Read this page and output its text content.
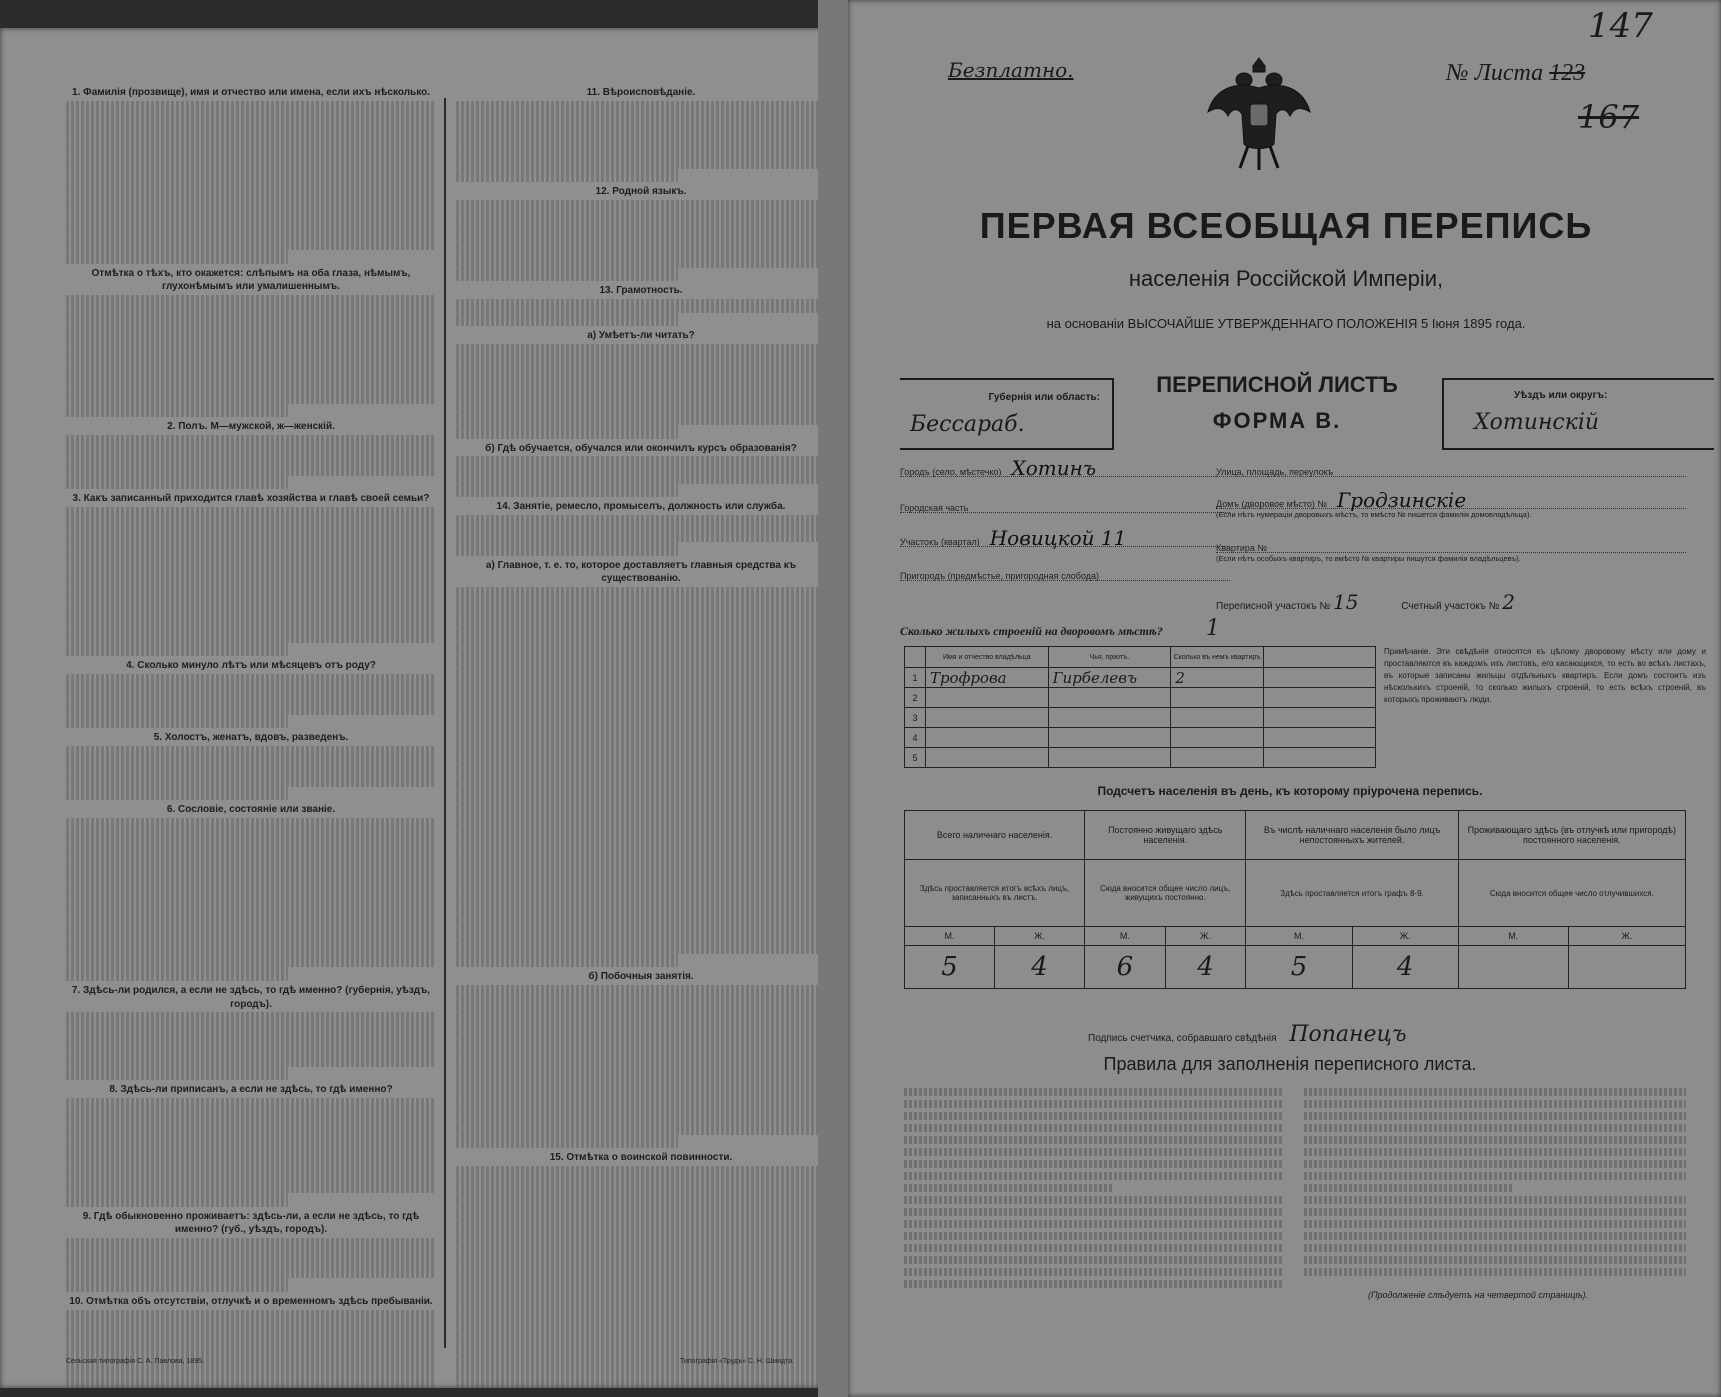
1. Фамилія (прозвище), имя и отчество или имена, если ихъ нѣсколько.
Отмѣтка о тѣхъ, кто окажется: слѣпымъ на оба глаза, нѣмымъ, глухонѣмымъ или умалишеннымъ.
2. Полъ. М—мужской, ж—женскій.
3. Какъ записанный приходится главѣ хозяйства и главѣ своей семьи?
4. Сколько минуло лѣтъ или мѣсяцевъ отъ роду?
5. Холостъ, женатъ, вдовъ, разведенъ.
6. Сословіе, состояніе или званіе.
7. Здѣсь-ли родился, а если не здѣсь, то гдѣ именно? (губернія, уѣздъ, городъ).
8. Здѣсь-ли приписанъ, а если не здѣсь, то гдѣ именно?
9. Гдѣ обыкновенно проживаетъ: здѣсь-ли, а если не здѣсь, то гдѣ именно? (губ., уѣздъ, городъ).
10. Отмѣтка объ отсутствіи, отлучкѣ и о временномъ здѣсь пребываніи.
11. Вѣроисповѣданіе.
12. Родной языкъ.
13. Грамотность.
а) Умѣетъ-ли читать?
б) Гдѣ обучается, обучался или окончилъ курсъ образованія?
14. Занятіе, ремесло, промыселъ, должность или служба.
а) Главное, т. е. то, которое доставляетъ главныя средства къ существованію.
б) Побочныя занятія.
15. Отмѣтка о воинской повинности.
Сельская типографія С. А. Павлова, 1895.	Типографія «Трудъ» С. Н. Шмидта.
Безплатно.	№ Листа 123
147
167
ПЕРВАЯ ВСЕОБЩАЯ ПЕРЕПИСЬ
населенія Россійской Имперіи,
на основаніи ВЫСОЧАЙШЕ УТВЕРЖДЕННАГО ПОЛОЖЕНІЯ 5 Іюня 1895 года.
Губернія или область:
Бессараб.
ПЕРЕПИСНОЙ ЛИСТЪ
ФОРМА В.
Уѣздъ или округъ:
Хотинскій
Городъ (село, мѣстечко) Хотинъ
Городская часть
Участокъ (квартал) Новицкой 11
Пригородъ (предмѣстье, пригородная слобода)
Улица, площадь, переулокъ
Домъ (дворовое мѣсто) № Гродзинскіе
(Если нѣтъ нумераціи дворовыхъ мѣстъ, то вмѣсто № пишется фамилія домовладѣльца).
Квартира №
(Если нѣтъ особыхъ квартиръ, то вмѣсто № квартиры пишутся фамилія владѣльцевъ).
Переписной участокъ № 15	Счетный участокъ № 2
Сколько жилыхъ строеній на дворовомъ мѣстѣ? 1
	Имя и отчество владѣльца	Чья, пріютъ.	Сколько въ немъ квартиръ	
1	Трофрова	Гирбелевъ	2	
2				
3				
4				
5				
Примѣчаніе. Эти свѣдѣнія относятся къ цѣлому дворовому мѣсту или дому и проставляются въ каждомъ изъ листовъ, его касающихся, то есть во всѣхъ листахъ, въ которые записаны жильцы отдѣльныхъ квартиръ. Если домъ состоитъ изъ нѣсколькихъ строеній, то сколько жилыхъ строеній, то есть всѣхъ строеній, въ которыхъ проживаютъ люди.
Подсчетъ населенія въ день, къ которому пріурочена перепись.
Всего наличнаго населенія.		Постоянно живущаго здѣсь населенія.		Въ числѣ наличнаго населенія было лицъ непостоянныхъ жителей.		Проживающаго здѣсь (въ отлучкѣ или пригородѣ) постоянного населенія.	
Здѣсь проставляется итогъ всѣхъ лицъ, записанныхъ въ листъ.		Сюда вносится общее число лицъ, живущихъ постоянно.		Здѣсь проставляется итогъ графъ 8-9.		Сюда вносится общее число отлучившихся.	
М.	Ж.	М.	Ж.	М.	Ж.	М.	Ж.
5	4	6	4	5	4		
Подпись счетчика, собравшаго свѣдѣнія Попанецъ
Правила для заполненія переписного листа.
(Продолженіе слѣдуетъ на четвертой страницѣ).
